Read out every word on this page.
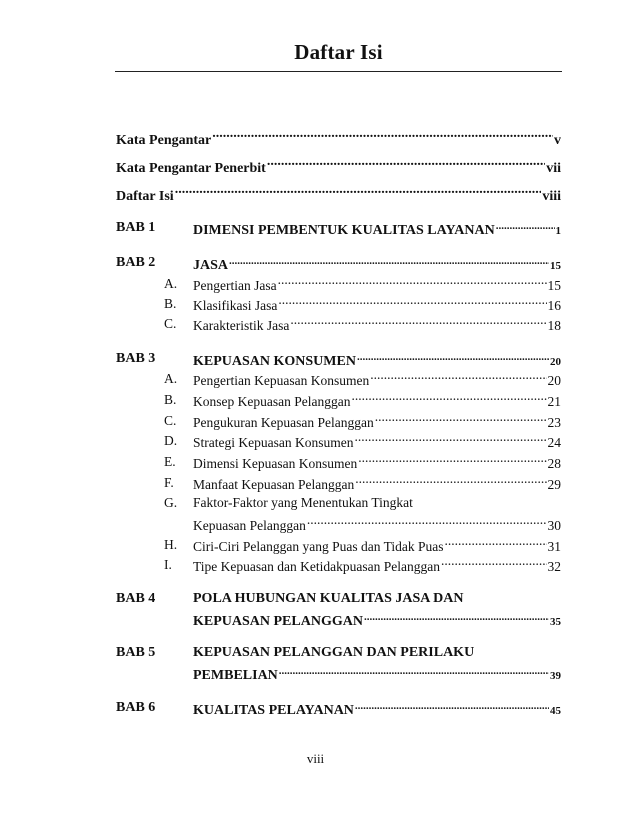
Daftar Isi
Kata Pengantar .....	v
Kata Pengantar Penerbit .....	vii
Daftar Isi .....	viii
BAB 1	DIMENSI PEMBENTUK KUALITAS LAYANAN .....	1
BAB 2	JASA .....	15
A. Pengertian Jasa .....	15
B. Klasifikasi Jasa .....	16
C. Karakteristik Jasa .....	18
BAB 3	KEPUASAN KONSUMEN .....	20
A. Pengertian Kepuasan Konsumen .....	20
B. Konsep Kepuasan Pelanggan .....	21
C. Pengukuran Kepuasan Pelanggan .....	23
D. Strategi Kepuasan Konsumen .....	24
E. Dimensi Kepuasan Konsumen .....	28
F. Manfaat Kepuasan Pelanggan .....	29
G. Faktor-Faktor yang Menentukan Tingkat
Kepuasan Pelanggan .....	30
H. Ciri-Ciri Pelanggan yang Puas dan Tidak Puas .....	31
I. Tipe Kepuasan dan Ketidakpuasan Pelanggan .....	32
BAB 4	POLA HUBUNGAN KUALITAS JASA DAN
KEPUASAN PELANGGAN .....	35
BAB 5	KEPUASAN PELANGGAN DAN PERILAKU
PEMBELIAN .....	39
BAB 6	KUALITAS PELAYANAN .....	45
viii
